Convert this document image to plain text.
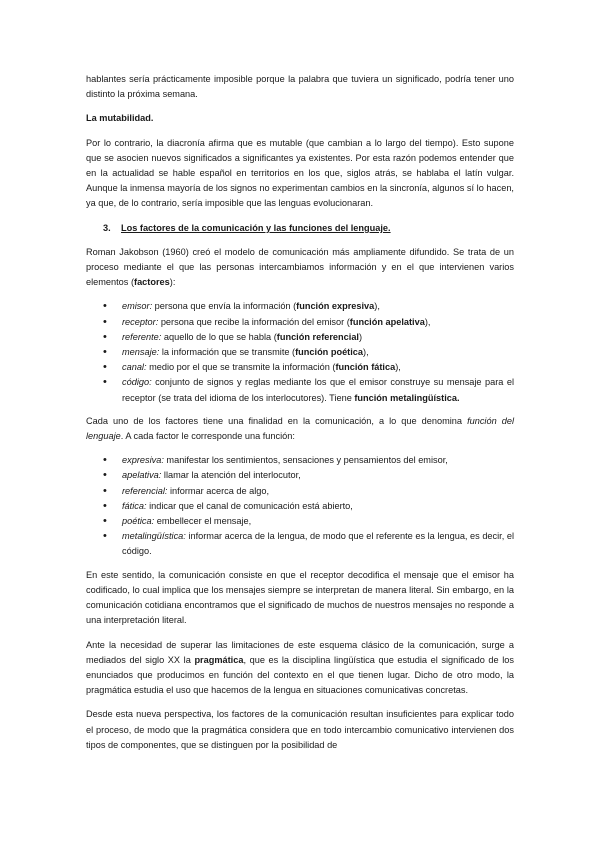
hablantes sería prácticamente imposible porque la palabra que tuviera un significado, podría tener uno distinto la próxima semana.

La mutabilidad.

Por lo contrario, la diacronía afirma que es mutable (que cambian a lo largo del tiempo). Esto supone que se asocien nuevos significados a significantes ya existentes. Por esta razón podemos entender que en la actualidad se hable español en territorios en los que, siglos atrás, se hablaba el latín vulgar. Aunque la inmensa mayoría de los signos no experimentan cambios en la sincronía, algunos sí lo hacen, ya que, de lo contrario, sería imposible que las lenguas evolucionaran.

3. Los factores de la comunicación y las funciones del lenguaje.

Roman Jakobson (1960) creó el modelo de comunicación más ampliamente difundido. Se trata de un proceso mediante el que las personas intercambiamos información y en el que intervienen varios elementos (factores):

• emisor: persona que envía la información (función expresiva),
• receptor: persona que recibe la información del emisor (función apelativa),
• referente: aquello de lo que se habla (función referencial)
• mensaje: la información que se transmite (función poética),
• canal: medio por el que se transmite la información (función fática),
• código: conjunto de signos y reglas mediante los que el emisor construye su mensaje para el receptor (se trata del idioma de los interlocutores). Tiene función metalingüística.

Cada uno de los factores tiene una finalidad en la comunicación, a lo que denomina función del lenguaje. A cada factor le corresponde una función:

• expresiva: manifestar los sentimientos, sensaciones y pensamientos del emisor,
• apelativa: llamar la atención del interlocutor,
• referencial: informar acerca de algo,
• fática: indicar que el canal de comunicación está abierto,
• poética: embellecer el mensaje,
• metalingüística: informar acerca de la lengua, de modo que el referente es la lengua, es decir, el código.

En este sentido, la comunicación consiste en que el receptor decodifica el mensaje que el emisor ha codificado, lo cual implica que los mensajes siempre se interpretan de manera literal. Sin embargo, en la comunicación cotidiana encontramos que el significado de muchos de nuestros mensajes no responde a una interpretación literal.

Ante la necesidad de superar las limitaciones de este esquema clásico de la comunicación, surge a mediados del siglo XX la pragmática, que es la disciplina lingüística que estudia el significado de los enunciados que producimos en función del contexto en el que tienen lugar. Dicho de otro modo, la pragmática estudia el uso que hacemos de la lengua en situaciones comunicativas concretas.

Desde esta nueva perspectiva, los factores de la comunicación resultan insuficientes para explicar todo el proceso, de modo que la pragmática considera que en todo intercambio comunicativo intervienen dos tipos de componentes, que se distinguen por la posibilidad de
